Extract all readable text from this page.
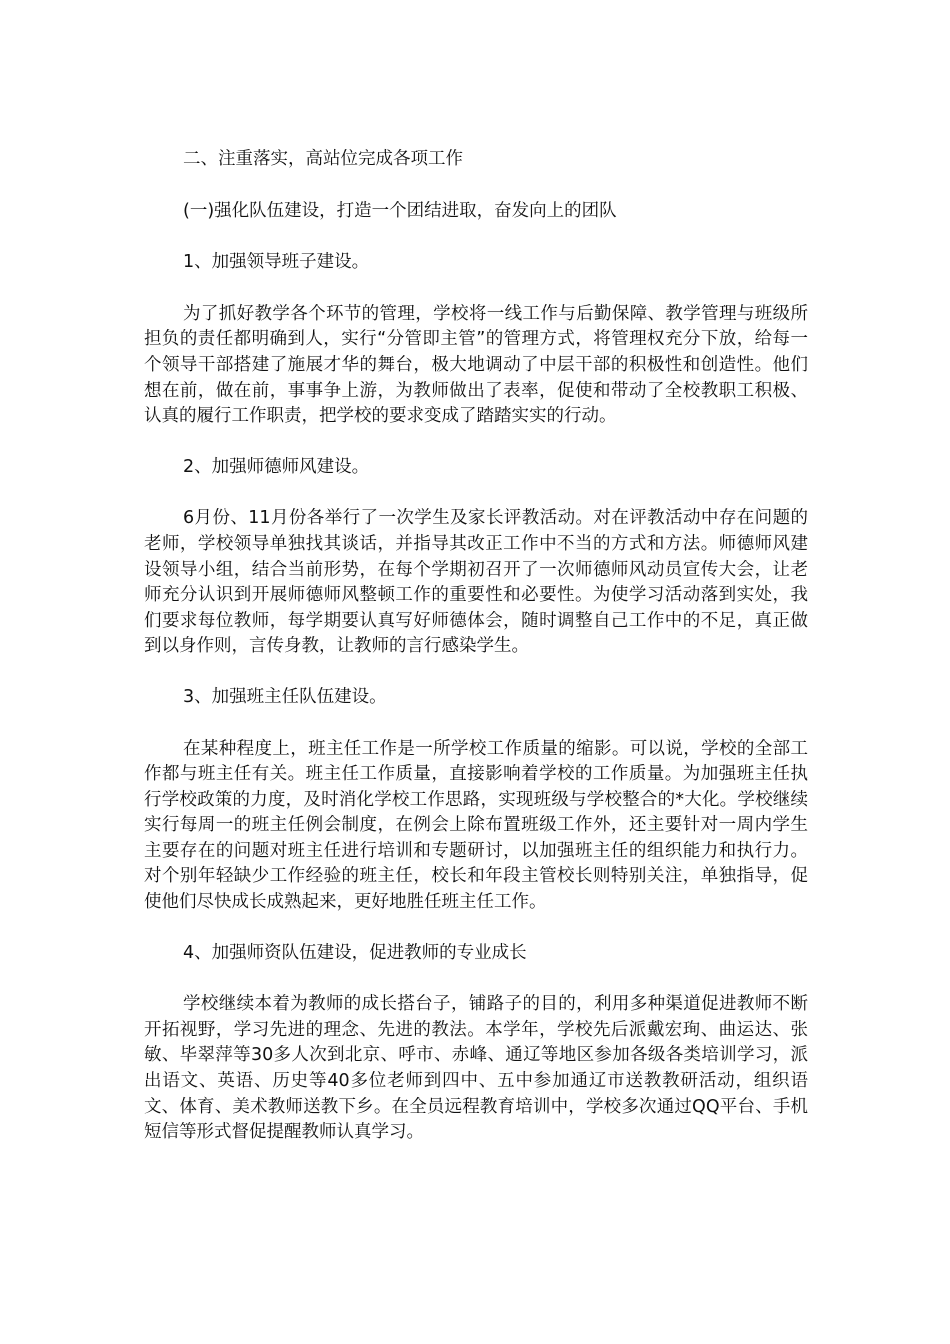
二、注重落实，高站位完成各项工作

(一)强化队伍建设，打造一个团结进取，奋发向上的团队

1、加强领导班子建设。

为了抓好教学各个环节的管理，学校将一线工作与后勤保障、教学管理与班级所担负的责任都明确到人，实行“分管即主管”的管理方式，将管理权充分下放，给每一个领导干部搭建了施展才华的舞台，极大地调动了中层干部的积极性和创造性。他们想在前，做在前，事事争上游，为教师做出了表率，促使和带动了全校教职工积极、认真的履行工作职责，把学校的要求变成了踏踏实实的行动。

2、加强师德师风建设。

6月份、11月份各举行了一次学生及家长评教活动。对在评教活动中存在问题的老师，学校领导单独找其谈话，并指导其改正工作中不当的方式和方法。师德师风建设领导小组，结合当前形势，在每个学期初召开了一次师德师风动员宣传大会，让老师充分认识到开展师德师风整顿工作的重要性和必要性。为使学习活动落到实处，我们要求每位教师，每学期要认真写好师德体会，随时调整自己工作中的不足，真正做到以身作则，言传身教，让教师的言行感染学生。

3、加强班主任队伍建设。

在某种程度上，班主任工作是一所学校工作质量的缩影。可以说，学校的全部工作都与班主任有关。班主任工作质量，直接影响着学校的工作质量。为加强班主任执行学校政策的力度，及时消化学校工作思路，实现班级与学校整合的*大化。学校继续实行每周一的班主任例会制度，在例会上除布置班级工作外，还主要针对一周内学生主要存在的问题对班主任进行培训和专题研讨，以加强班主任的组织能力和执行力。对个别年轻缺少工作经验的班主任，校长和年段主管校长则特别关注，单独指导，促使他们尽快成长成熟起来，更好地胜任班主任工作。

4、加强师资队伍建设，促进教师的专业成长

学校继续本着为教师的成长搭台子，铺路子的目的，利用多种渠道促进教师不断开拓视野，学习先进的理念、先进的教法。本学年，学校先后派戴宏珣、曲运达、张敏、毕翠萍等30多人次到北京、呼市、赤峰、通辽等地区参加各级各类培训学习，派出语文、英语、历史等40多位老师到四中、五中参加通辽市送教教研活动，组织语文、体育、美术教师送教下乡。在全员远程教育培训中，学校多次通过QQ平台、手机短信等形式督促提醒教师认真学习。
